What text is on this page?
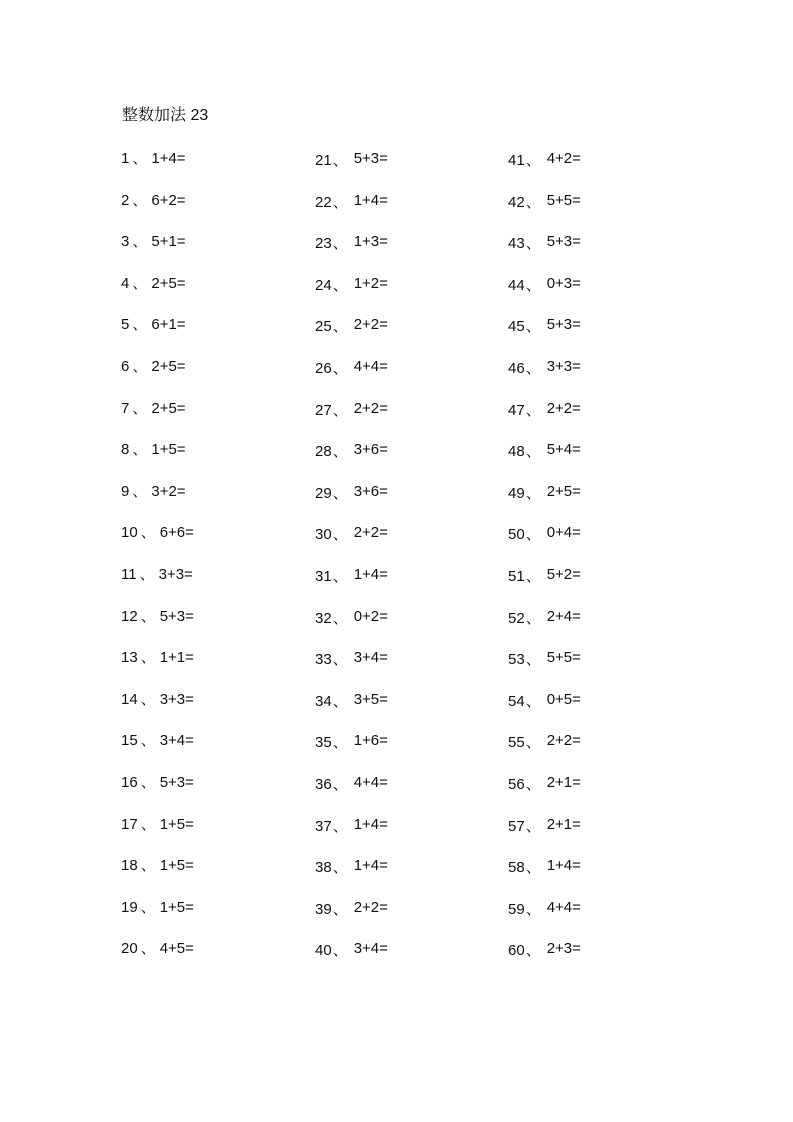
整数加法 23
1 、 1+4=
2 、 6+2=
3 、 5+1=
4 、 2+5=
5 、 6+1=
6 、 2+5=
7 、 2+5=
8 、 1+5=
9 、 3+2=
10 、 6+6=
11 、 3+3=
12 、 5+3=
13 、 1+1=
14 、 3+3=
15 、 3+4=
16 、 5+3=
17 、 1+5=
18 、 1+5=
19 、 1+5=
20 、 4+5=
21、 5+3=
22、 1+4=
23、 1+3=
24、 1+2=
25、 2+2=
26、 4+4=
27、 2+2=
28、 3+6=
29、 3+6=
30、 2+2=
31、 1+4=
32、 0+2=
33、 3+4=
34、 3+5=
35、 1+6=
36、 4+4=
37、 1+4=
38、 1+4=
39、 2+2=
40、 3+4=
41、 4+2=
42、 5+5=
43、 5+3=
44、 0+3=
45、 5+3=
46、 3+3=
47、 2+2=
48、 5+4=
49、 2+5=
50、 0+4=
51、 5+2=
52、 2+4=
53、 5+5=
54、 0+5=
55、 2+2=
56、 2+1=
57、 2+1=
58、 1+4=
59、 4+4=
60、 2+3=
